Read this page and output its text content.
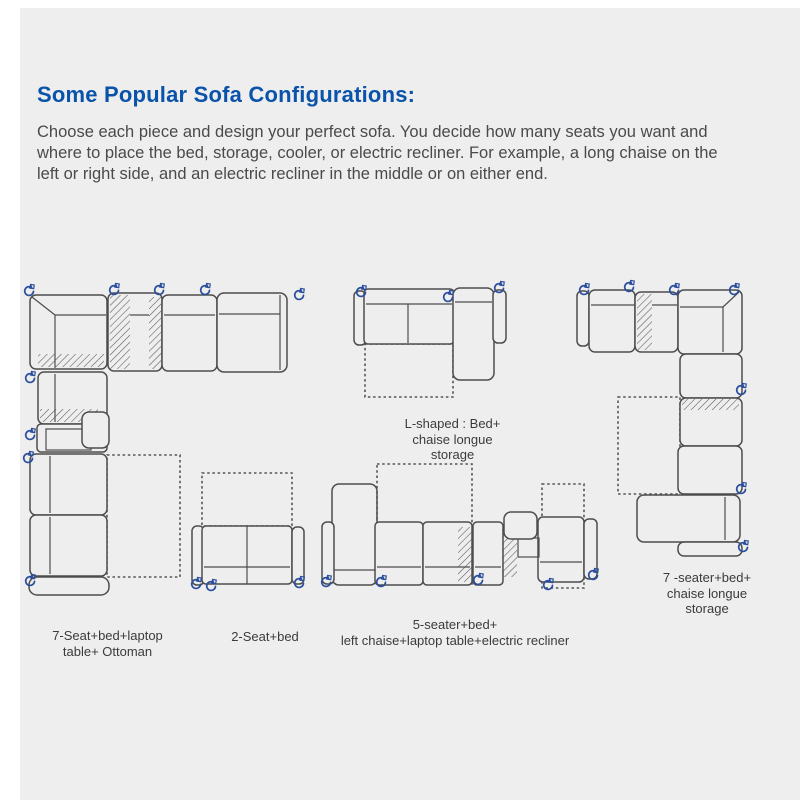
Some Popular Sofa Configurations:

Choose each piece and design your perfect sofa. You decide how many seats you want and where to place the bed, storage, cooler, or electric recliner. For example, a long chaise on the left or right side, and an electric recliner in the middle or on either end.

7-Seat+bed+laptop
table+ Ottoman
L-shaped : Bed+
chaise longue
storage
7 -seater+bed+
chaise longue
storage
2-Seat+bed
5-seater+bed+
left chaise+laptop table+electric recliner
